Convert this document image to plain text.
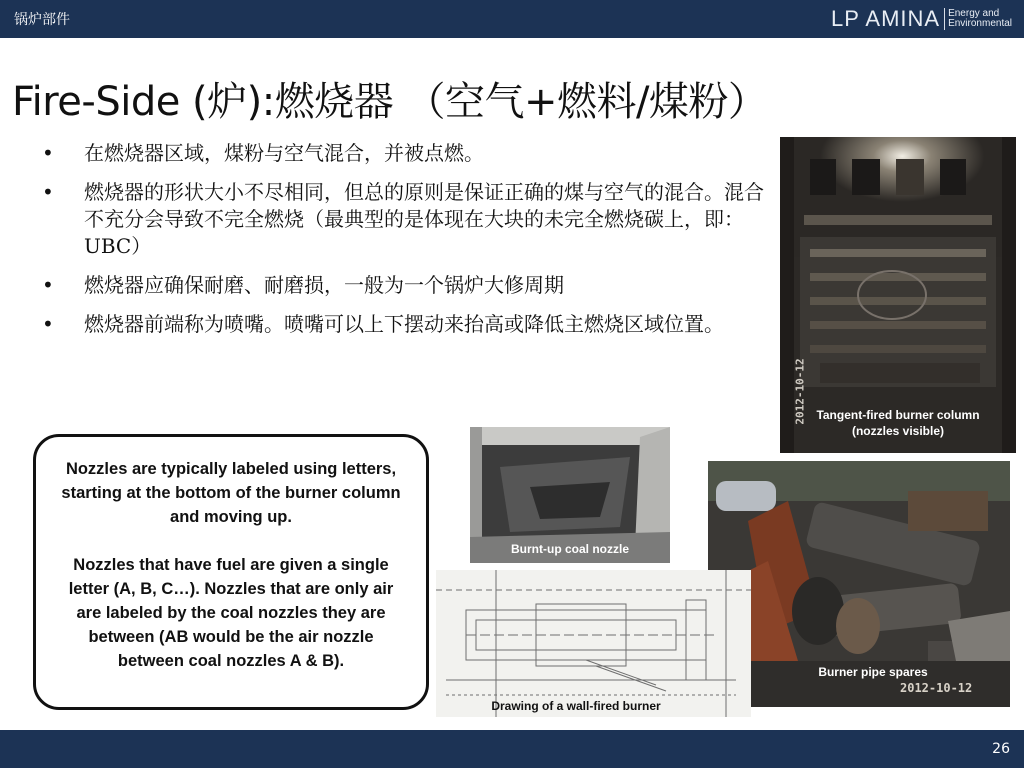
锅炉部件	LP AMINA Energy and
Environmental
Fire-Side (炉):燃烧器 （空气+燃料/煤粉）
• 在燃烧器区域，煤粉与空气混合，并被点燃。
• 燃烧器的形状大小不尽相同，但总的原则是保证正确的煤与空气的混合。混合不充分会导致不完全燃烧（最典型的是体现在大块的未完全燃烧碳上，即：UBC）
• 燃烧器应确保耐磨、耐磨损，一般为一个锅炉大修周期
• 燃烧器前端称为喷嘴。喷嘴可以上下摆动来抬高或降低主燃烧区域位置。
2012-10-12 Tangent-fired burner column
(nozzles visible)
Burnt-up coal nozzle
Burner pipe spares
2012-10-12
Drawing of a wall-fired burner

Nozzles are typically labeled using letters, starting at the bottom of the burner column and moving up.

Nozzles that have fuel are given a single letter (A, B, C…). Nozzles that are only air are labeled by the coal nozzles they are between (AB would be the air nozzle between coal nozzles A & B).

26
